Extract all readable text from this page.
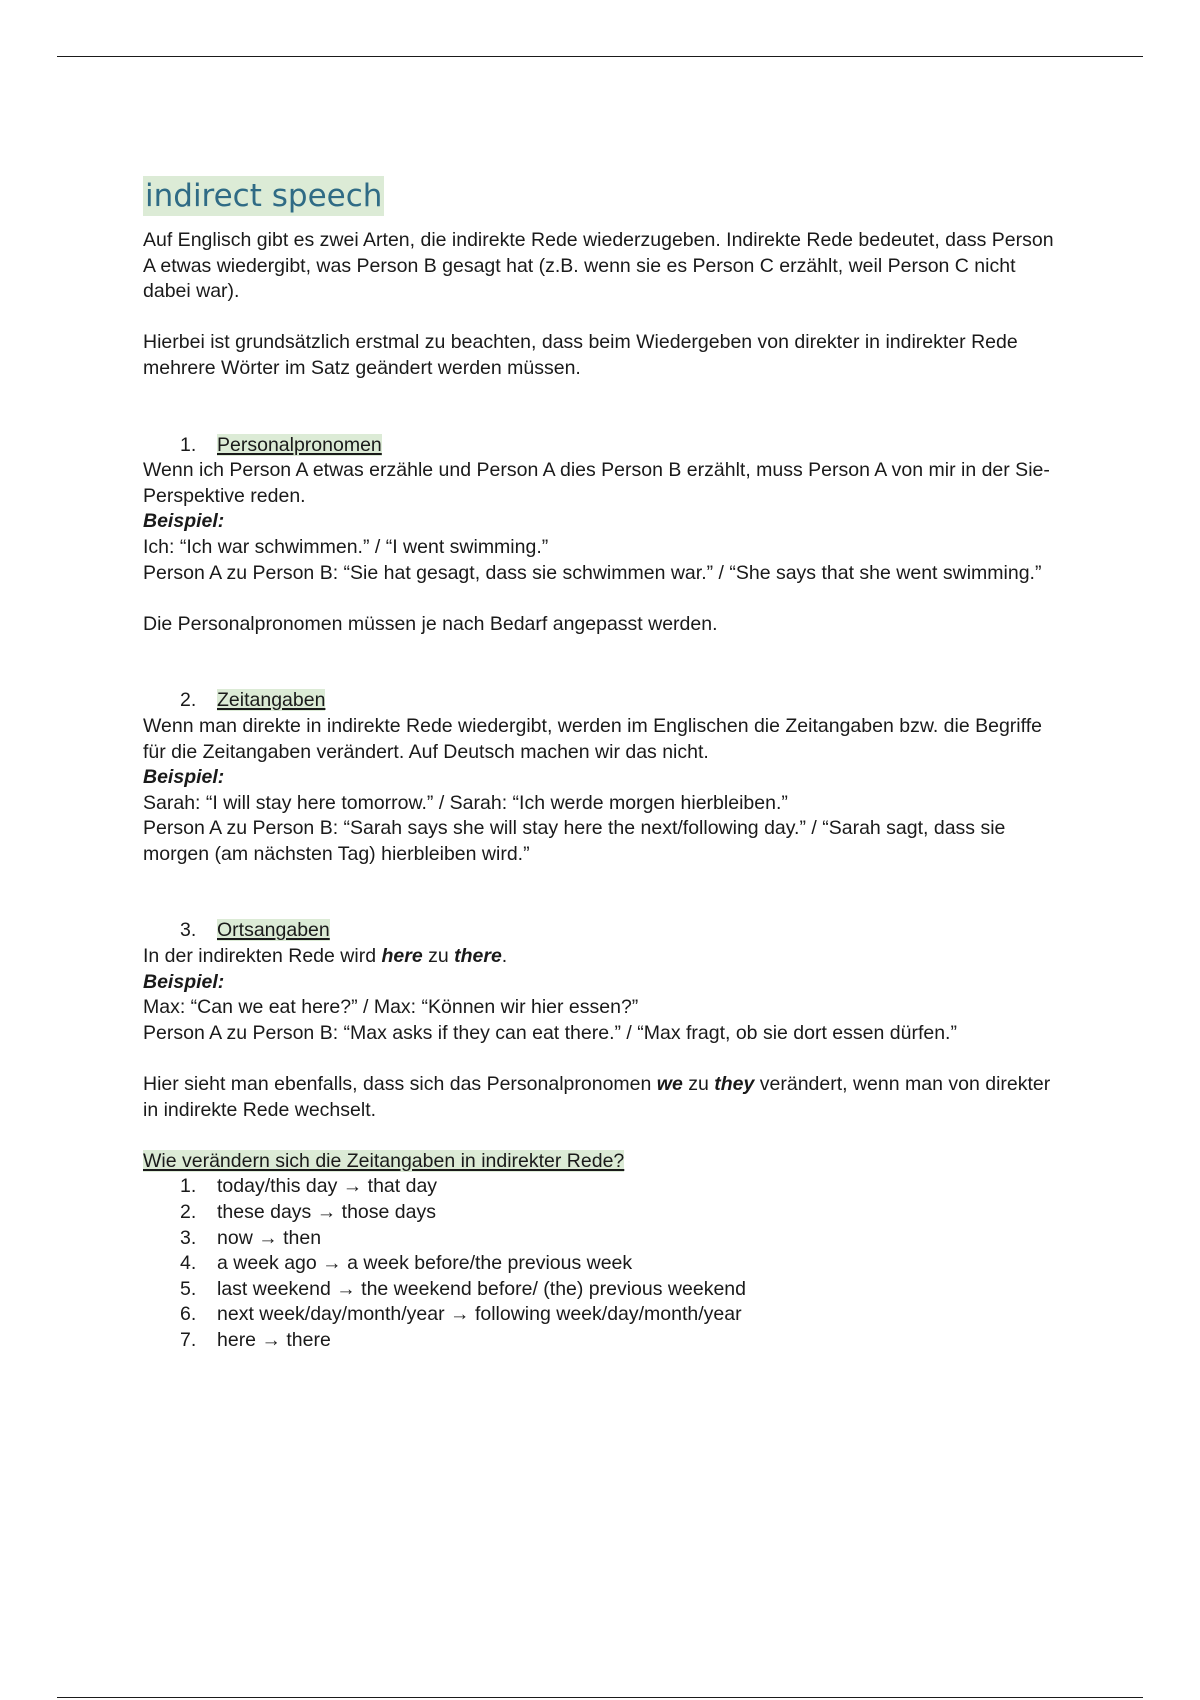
indirect speech

Auf Englisch gibt es zwei Arten, die indirekte Rede wiederzugeben. Indirekte Rede bedeutet, dass Person A etwas wiedergibt, was Person B gesagt hat (z.B. wenn sie es Person C erzählt, weil Person C nicht dabei war).

Hierbei ist grundsätzlich erstmal zu beachten, dass beim Wiedergeben von direkter in indirekter Rede mehrere Wörter im Satz geändert werden müssen.

1. Personalpronomen

Wenn ich Person A etwas erzähle und Person A dies Person B erzählt, muss Person A von mir in der Sie-Perspektive reden.

Beispiel:

Ich: “Ich war schwimmen.” / “I went swimming.”

Person A zu Person B: “Sie hat gesagt, dass sie schwimmen war.” / “She says that she went swimming.”

Die Personalpronomen müssen je nach Bedarf angepasst werden.

2. Zeitangaben

Wenn man direkte in indirekte Rede wiedergibt, werden im Englischen die Zeitangaben bzw. die Begriffe für die Zeitangaben verändert. Auf Deutsch machen wir das nicht.

Beispiel:

Sarah: “I will stay here tomorrow.” / Sarah: “Ich werde morgen hierbleiben.”

Person A zu Person B: “Sarah says she will stay here the next/following day.” / “Sarah sagt, dass sie morgen (am nächsten Tag) hierbleiben wird.”

3. Ortsangaben

In der indirekten Rede wird here zu there.

Beispiel:

Max: “Can we eat here?” / Max: “Können wir hier essen?”

Person A zu Person B: “Max asks if they can eat there.” / “Max fragt, ob sie dort essen dürfen.”

Hier sieht man ebenfalls, dass sich das Personalpronomen we zu they verändert, wenn man von direkter in indirekte Rede wechselt.

Wie verändern sich die Zeitangaben in indirekter Rede?

1. today/this day → that day
2. these days → those days
3. now → then
4. a week ago → a week before/the previous week
5. last weekend → the weekend before/ (the) previous weekend
6. next week/day/month/year → following week/day/month/year
7. here → there
